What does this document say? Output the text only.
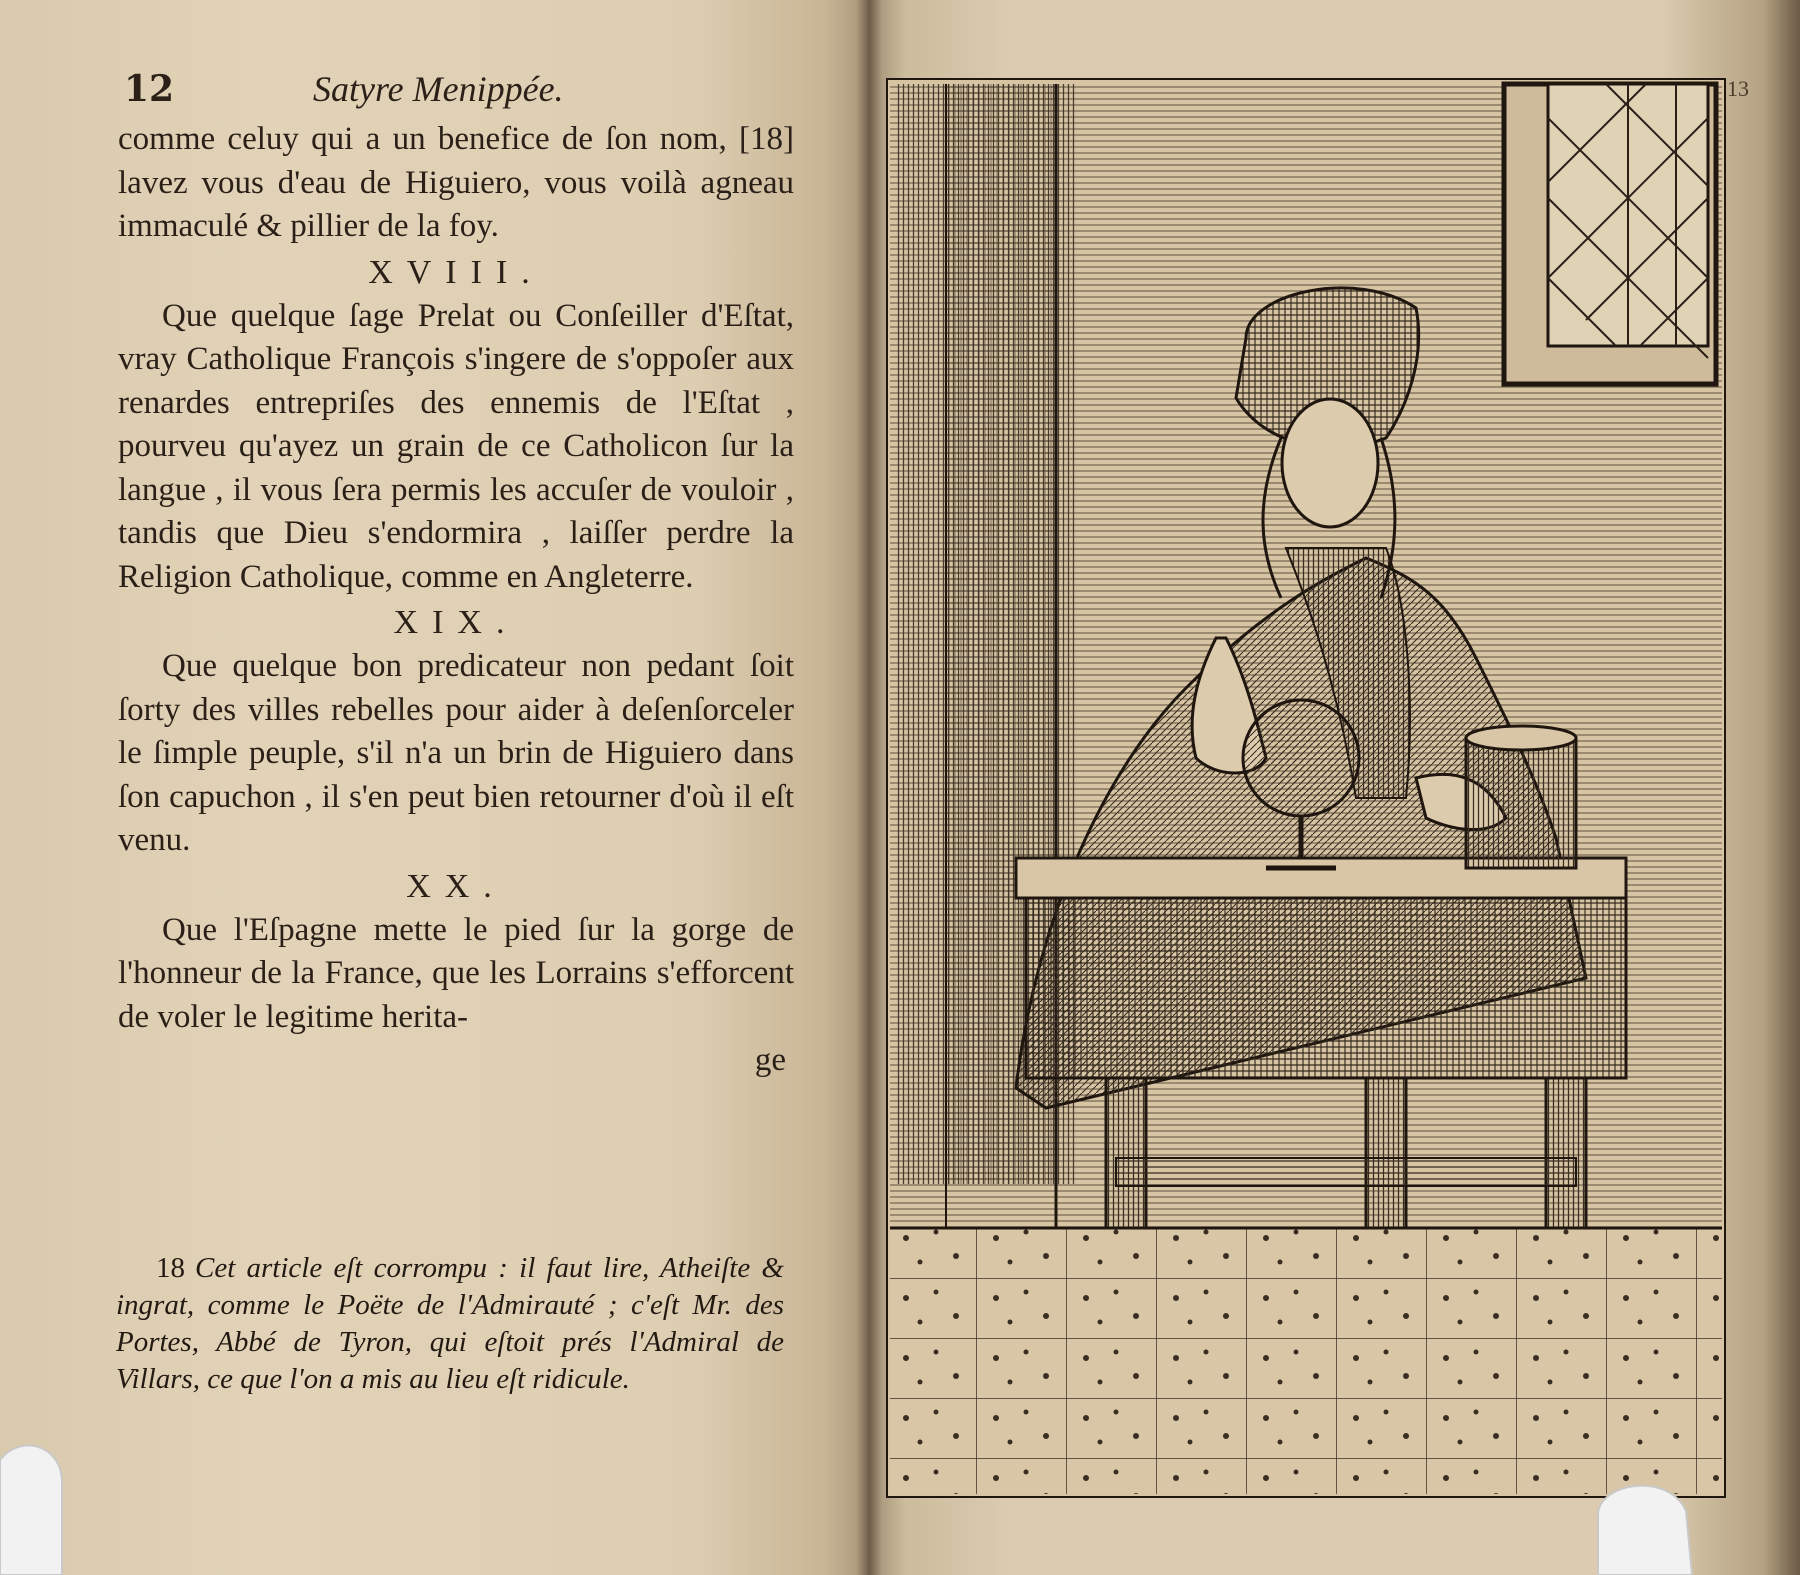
12	Satyre Menippée.

comme celuy qui a un benefice de ſon nom, [18] lavez vous d'eau de Higuiero, vous voilà agneau immaculé & pillier de la foy.

XVIII.

Que quelque ſage Prelat ou Conſeiller d'Eſtat, vray Catholique François s'ingere de s'oppoſer aux renardes entrepriſes des ennemis de l'Eſtat , pourveu qu'ayez un grain de ce Catholicon ſur la langue , il vous ſera permis les accuſer de vouloir , tandis que Dieu s'endormira , laiſſer perdre la Religion Catholique, comme en Angleterre.

XIX.

Que quelque bon predicateur non pedant ſoit ſorty des villes rebelles pour aider à deſenſorceler le ſimple peuple, s'il n'a un brin de Higuiero dans ſon capuchon , il s'en peut bien retourner d'où il eſt venu.

XX.

Que l'Eſpagne mette le pied ſur la gorge de l'honneur de la France, que les Lorrains s'efforcent de voler le legitime herita-

ge

18 Cet article eſt corrompu : il faut lire, Atheiſte & ingrat, comme le Poëte de l'Admirauté ; c'eſt Mr. des Portes, Abbé de Tyron, qui eſtoit prés l'Admiral de Villars, ce que l'on a mis au lieu eſt ridicule.
13
